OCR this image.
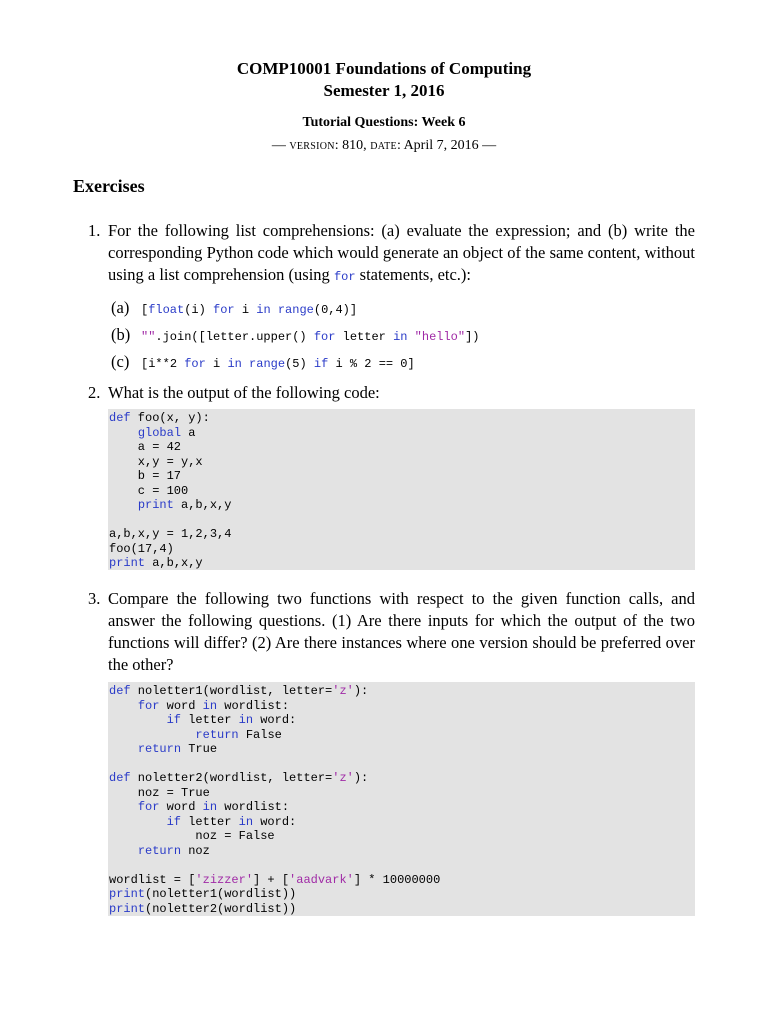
COMP10001 Foundations of Computing
Semester 1, 2016
Tutorial Questions: Week 6
— version: 810, date: April 7, 2016 —
Exercises
1. For the following list comprehensions: (a) evaluate the expression; and (b) write the corresponding Python code which would generate an object of the same content, without using a list comprehension (using for statements, etc.):
(a) [float(i) for i in range(0,4)]
(b) "".join([letter.upper() for letter in "hello"])
(c) [i**2 for i in range(5) if i % 2 == 0]
2. What is the output of the following code:
def foo(x, y):
global a
a = 42
x,y = y,x
b = 17
c = 100
print a,b,x,y
a,b,x,y = 1,2,3,4
foo(17,4)
print a,b,x,y
3. Compare the following two functions with respect to the given function calls, and answer the following questions. (1) Are there inputs for which the output of the two functions will differ? (2) Are there instances where one version should be preferred over the other?
def noletter1(wordlist, letter='z'):
for word in wordlist:
if letter in word:
return False
return True
def noletter2(wordlist, letter='z'):
noz = True
for word in wordlist:
if letter in word:
noz = False
return noz
wordlist = ['zizzer'] + ['aadvark'] * 10000000
print(noletter1(wordlist))
print(noletter2(wordlist))
